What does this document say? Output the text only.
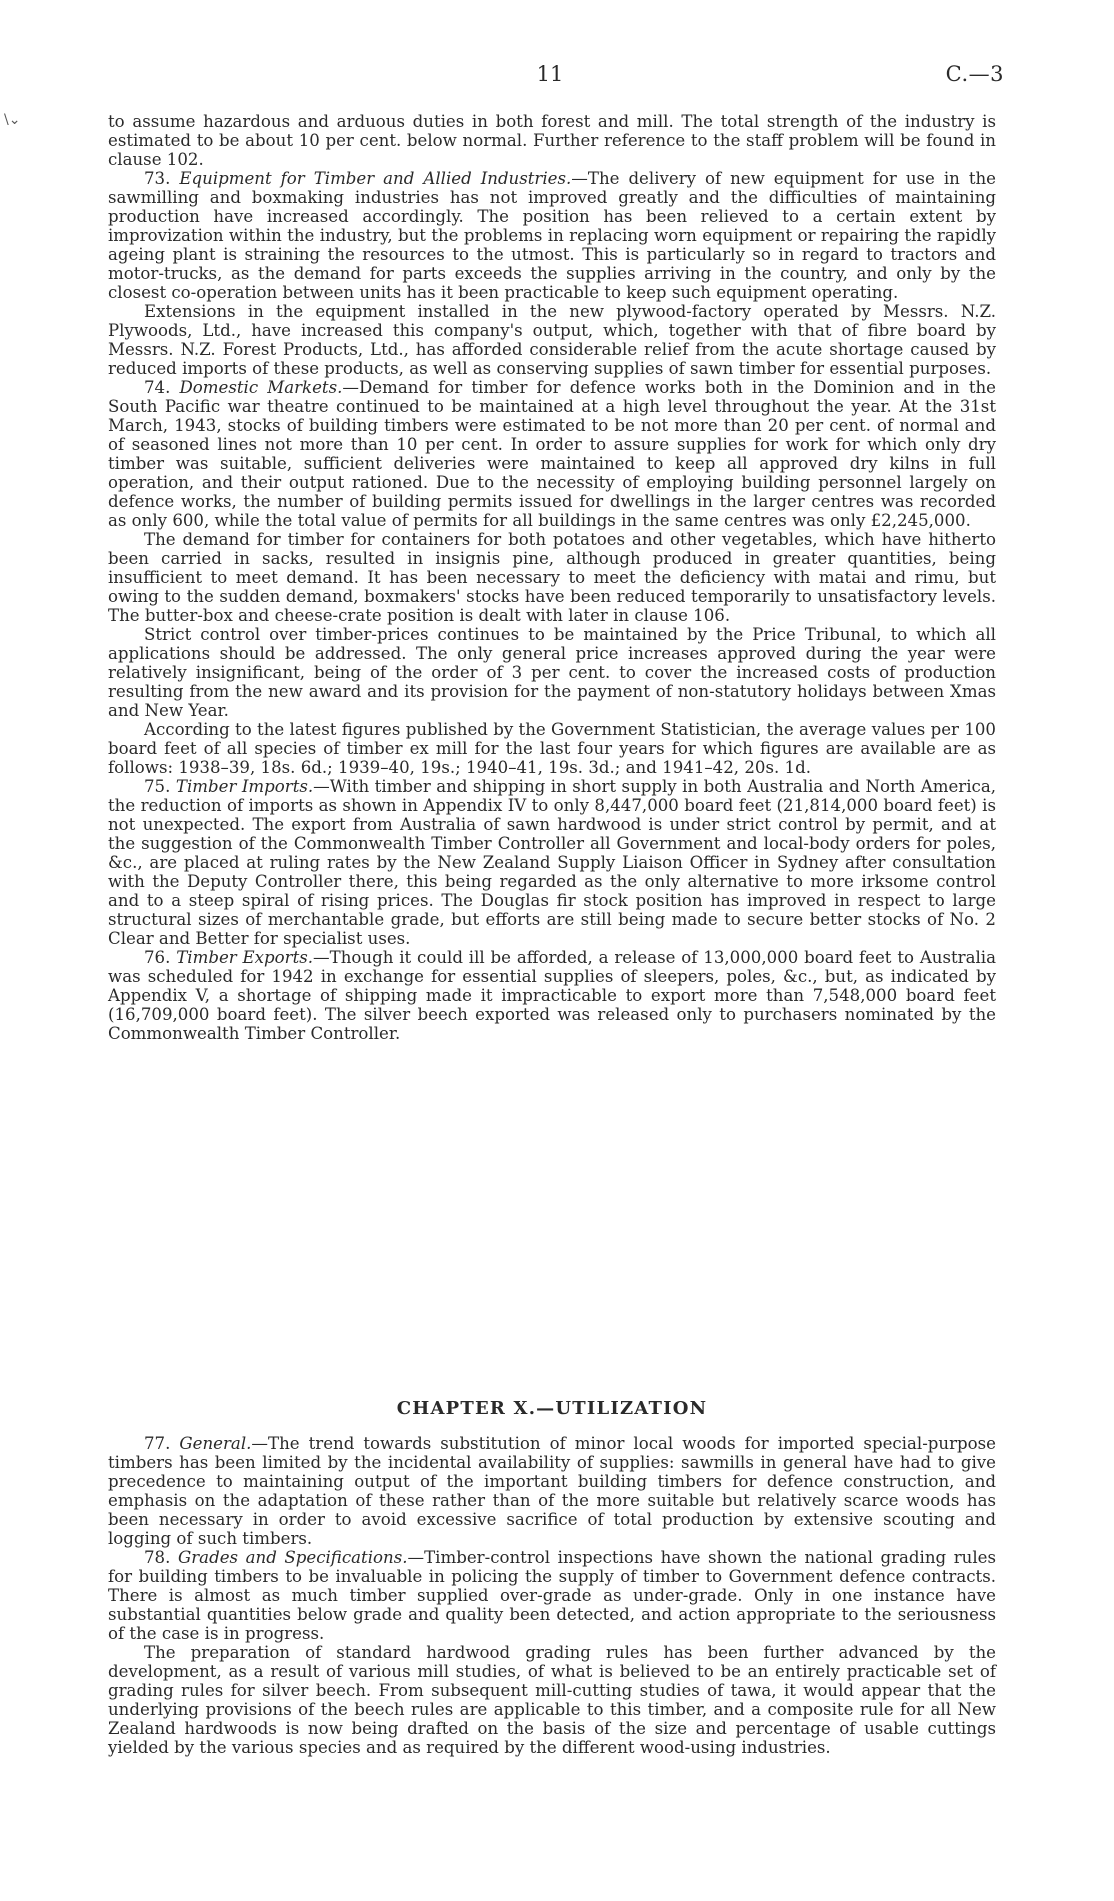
11	C.—3
\⌄	to assume hazardous and arduous duties in both forest and mill. The total strength of the industry is estimated to be about 10 per cent. below normal. Further reference to the staff problem will be found in clause 102.

73. Equipment for Timber and Allied Industries.—The delivery of new equipment for use in the sawmilling and boxmaking industries has not improved greatly and the difficulties of maintaining production have increased accordingly. The position has been relieved to a certain extent by improvization within the industry, but the problems in replacing worn equipment or repairing the rapidly ageing plant is straining the resources to the utmost. This is particularly so in regard to tractors and motor-trucks, as the demand for parts exceeds the supplies arriving in the country, and only by the closest co-operation between units has it been practicable to keep such equipment operating.

Extensions in the equipment installed in the new plywood-factory operated by Messrs. N.Z. Plywoods, Ltd., have increased this company's output, which, together with that of fibre board by Messrs. N.Z. Forest Products, Ltd., has afforded considerable relief from the acute shortage caused by reduced imports of these products, as well as conserving supplies of sawn timber for essential purposes.

74. Domestic Markets.—Demand for timber for defence works both in the Dominion and in the South Pacific war theatre continued to be maintained at a high level throughout the year. At the 31st March, 1943, stocks of building timbers were estimated to be not more than 20 per cent. of normal and of seasoned lines not more than 10 per cent. In order to assure supplies for work for which only dry timber was suitable, sufficient deliveries were maintained to keep all approved dry kilns in full operation, and their output rationed. Due to the necessity of employing building personnel largely on defence works, the number of building permits issued for dwellings in the larger centres was recorded as only 600, while the total value of permits for all buildings in the same centres was only £2,245,000.

The demand for timber for containers for both potatoes and other vegetables, which have hitherto been carried in sacks, resulted in insignis pine, although produced in greater quantities, being insufficient to meet demand. It has been necessary to meet the deficiency with matai and rimu, but owing to the sudden demand, boxmakers' stocks have been reduced temporarily to unsatisfactory levels. The butter-box and cheese-crate position is dealt with later in clause 106.

Strict control over timber-prices continues to be maintained by the Price Tribunal, to which all applications should be addressed. The only general price increases approved during the year were relatively insignificant, being of the order of 3 per cent. to cover the increased costs of production resulting from the new award and its provision for the payment of non-statutory holidays between Xmas and New Year.

According to the latest figures published by the Government Statistician, the average values per 100 board feet of all species of timber ex mill for the last four years for which figures are available are as follows: 1938–39, 18s. 6d.; 1939–40, 19s.; 1940–41, 19s. 3d.; and 1941–42, 20s. 1d.

75. Timber Imports.—With timber and shipping in short supply in both Australia and North America, the reduction of imports as shown in Appendix IV to only 8,447,000 board feet (21,814,000 board feet) is not unexpected. The export from Australia of sawn hardwood is under strict control by permit, and at the suggestion of the Commonwealth Timber Controller all Government and local-body orders for poles, &c., are placed at ruling rates by the New Zealand Supply Liaison Officer in Sydney after consultation with the Deputy Controller there, this being regarded as the only alternative to more irksome control and to a steep spiral of rising prices. The Douglas fir stock position has improved in respect to large structural sizes of merchantable grade, but efforts are still being made to secure better stocks of No. 2 Clear and Better for specialist uses.

76. Timber Exports.—Though it could ill be afforded, a release of 13,000,000 board feet to Australia was scheduled for 1942 in exchange for essential supplies of sleepers, poles, &c., but, as indicated by Appendix V, a shortage of shipping made it impracticable to export more than 7,548,000 board feet (16,709,000 board feet). The silver beech exported was released only to purchasers nominated by the Commonwealth Timber Controller.

CHAPTER X.—UTILIZATION

77. General.—The trend towards substitution of minor local woods for imported special-purpose timbers has been limited by the incidental availability of supplies: sawmills in general have had to give precedence to maintaining output of the important building timbers for defence construction, and emphasis on the adaptation of these rather than of the more suitable but relatively scarce woods has been necessary in order to avoid excessive sacrifice of total production by extensive scouting and logging of such timbers.

78. Grades and Specifications.—Timber-control inspections have shown the national grading rules for building timbers to be invaluable in policing the supply of timber to Government defence contracts. There is almost as much timber supplied over-grade as under-grade. Only in one instance have substantial quantities below grade and quality been detected, and action appropriate to the seriousness of the case is in progress.

The preparation of standard hardwood grading rules has been further advanced by the development, as a result of various mill studies, of what is believed to be an entirely practicable set of grading rules for silver beech. From subsequent mill-cutting studies of tawa, it would appear that the underlying provisions of the beech rules are applicable to this timber, and a composite rule for all New Zealand hardwoods is now being drafted on the basis of the size and percentage of usable cuttings yielded by the various species and as required by the different wood-using industries.
